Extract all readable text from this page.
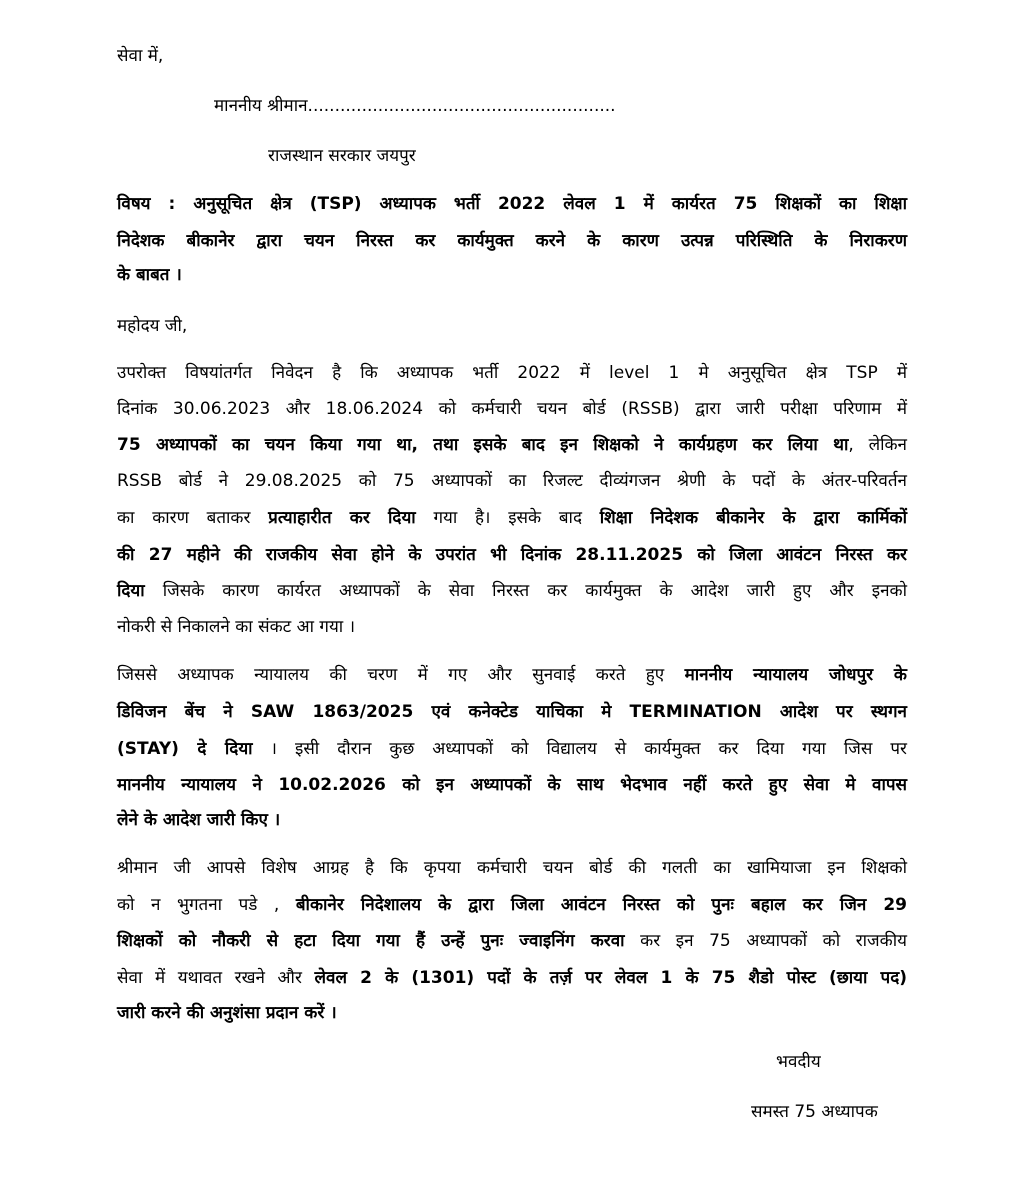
सेवा में,
माननीय श्रीमान.........................................................
राजस्थान सरकार जयपुर
विषय : अनुसूचित क्षेत्र (TSP) अध्यापक भर्ती 2022 लेवल 1 में कार्यरत 75 शिक्षकों का शिक्षा
निदेशक बीकानेर द्वारा चयन निरस्त कर कार्यमुक्त करने के कारण उत्पन्न परिस्थिति के निराकरण
के बाबत ।
महोदय जी,
उपरोक्त विषयांतर्गत निवेदन है कि अध्यापक भर्ती 2022 में level 1 मे अनुसूचित क्षेत्र TSP में
दिनांक 30.06.2023 और 18.06.2024 को कर्मचारी चयन बोर्ड (RSSB) द्वारा जारी परीक्षा परिणाम में
75 अध्यापकों का चयन किया गया था, तथा इसके बाद इन शिक्षको ने कार्यग्रहण कर लिया था, लेकिन
RSSB बोर्ड ने 29.08.2025 को 75 अध्यापकों का रिजल्ट दीव्यंगजन श्रेणी के पदों के अंतर-परिवर्तन
का कारण बताकर प्रत्याहारीत कर दिया गया है। इसके बाद शिक्षा निदेशक बीकानेर के द्वारा कार्मिकों
की 27 महीने की राजकीय सेवा होने के उपरांत भी दिनांक 28.11.2025 को जिला आवंटन निरस्त कर
दिया जिसके कारण कार्यरत अध्यापकों के सेवा निरस्त कर कार्यमुक्त के आदेश जारी हुए और इनको
नोकरी से निकालने का संकट आ गया ।
जिससे अध्यापक न्यायालय की चरण में गए और सुनवाई करते हुए माननीय न्यायालय जोधपुर के
डिविजन बेंच ने SAW 1863/2025 एवं कनेक्टेड याचिका मे TERMINATION आदेश पर स्थगन
(STAY) दे दिया । इसी दौरान कुछ अध्यापकों को विद्यालय से कार्यमुक्त कर दिया गया जिस पर
माननीय न्यायालय ने 10.02.2026 को इन अध्यापकों के साथ भेदभाव नहीं करते हुए सेवा मे वापस
लेने के आदेश जारी किए ।
श्रीमान जी आपसे विशेष आग्रह है कि कृपया कर्मचारी चयन बोर्ड की गलती का खामियाजा इन शिक्षको
को न भुगतना पडे , बीकानेर निदेशालय के द्वारा जिला आवंटन निरस्त को पुनः बहाल कर जिन 29
शिक्षकों को नौकरी से हटा दिया गया हैं उन्हें पुनः ज्वाइनिंग करवा कर इन 75 अध्यापकों को राजकीय
सेवा में यथावत रखने और लेवल 2 के (1301) पदों के तर्ज़ पर लेवल 1 के 75 शैडो पोस्ट (छाया पद)
जारी करने की अनुशंसा प्रदान करें ।
भवदीय
समस्त 75 अध्यापक
